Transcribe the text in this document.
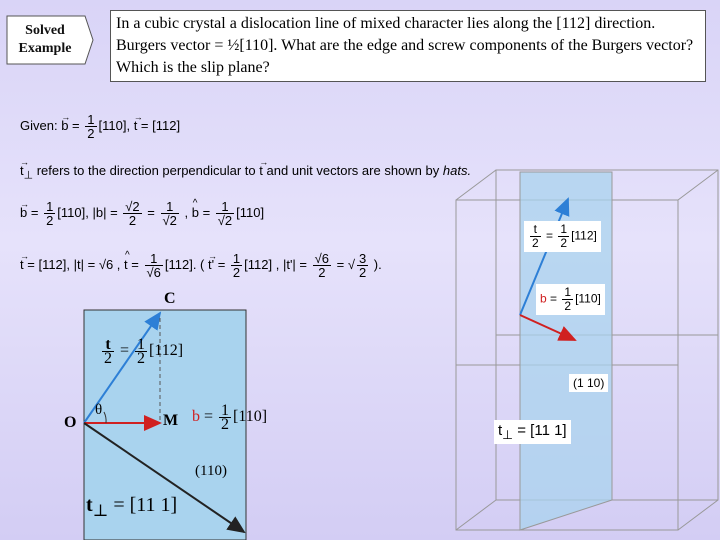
Solved
Example
In a cubic crystal a dislocation line of mixed character lies along the [112] direction. Burgers vector = ½[110]. What are the edge and screw components of the Burgers vector? Which is the slip plane?
Given: → $b = \frac{1}{2} [110]$, → t = [112]
→ $t_\perp$ refers to the direction perpendicular to → t and unit vectors are shown by hats.
→ $b = \frac{1}{2} [110]$, $|b| = \frac{√2}{2} = \frac{1}{√2}$ , ^ $b = \frac{1}{√2} [110]$
→ t = [112], |t| = √6 , ^ $t = \frac{1}{√6} [112]$. ( → $t' = \frac{1}{2} [112]$ , $|t'| = \frac{√6}{2}$ = √ $\frac{3}{2}$ ).
C
O	M
θ
$\frac{t}{2} = \frac{1}{2} [112]$
$b = \frac{1}{2} [110]$
(110)
$t_\perp = [11$ 1]
$\frac{t}{2} = \frac{1}{2} [112]$
$b = \frac{1}{2} [110]$
(1 10)
$t_\perp = [11$ 1]
